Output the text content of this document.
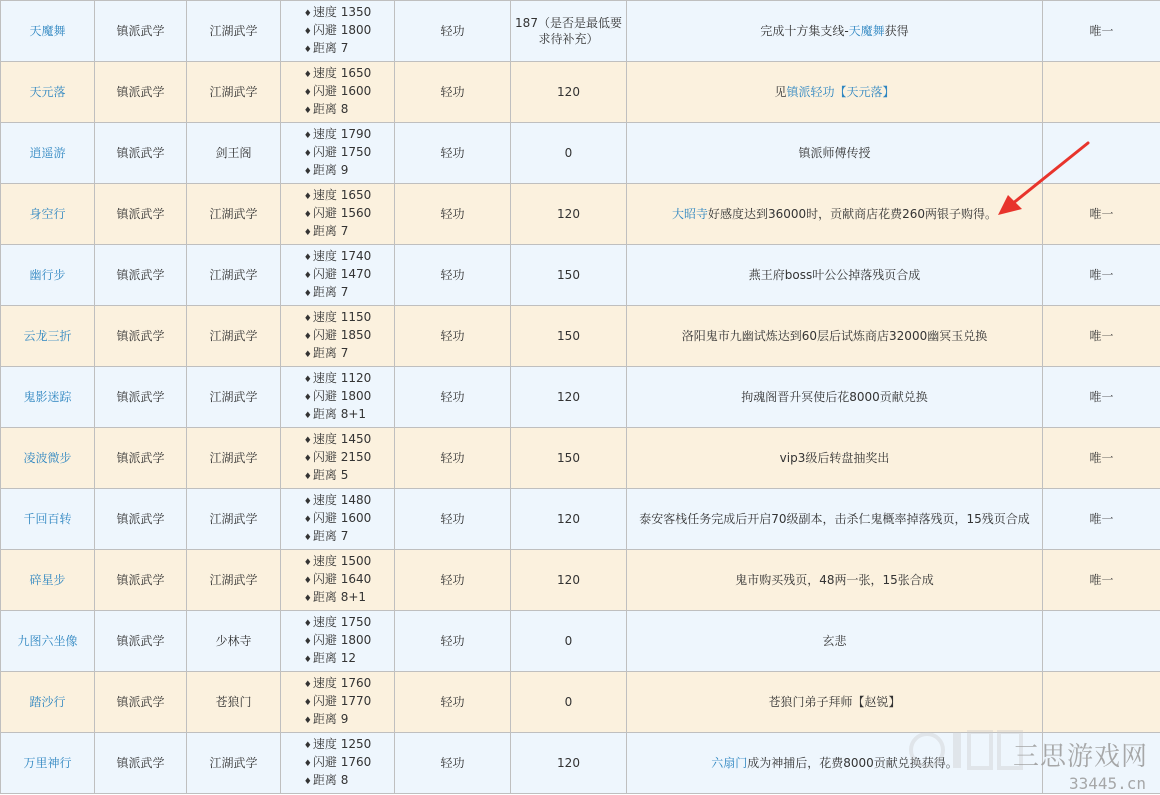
天魔舞	镇派武学	江湖武学	♦速度 1350
♦闪避 1800
♦距离 7	轻功	187（是否是最低要求待补充）	完成十方集支线-天魔舞获得	唯一
天元落	镇派武学	江湖武学	♦速度 1650
♦闪避 1600
♦距离 8	轻功	120	见镇派轻功【天元落】	
逍遥游	镇派武学	剑王阁	♦速度 1790
♦闪避 1750
♦距离 9	轻功	0	镇派师傅传授	
身空行	镇派武学	江湖武学	♦速度 1650
♦闪避 1560
♦距离 7	轻功	120	大昭寺好感度达到36000时，贡献商店花费260两银子购得。	唯一
幽行步	镇派武学	江湖武学	♦速度 1740
♦闪避 1470
♦距离 7	轻功	150	燕王府boss叶公公掉落残页合成	唯一
云龙三折	镇派武学	江湖武学	♦速度 1150
♦闪避 1850
♦距离 7	轻功	150	洛阳鬼市九幽试炼达到60层后试炼商店32000幽冥玉兑换	唯一
鬼影迷踪	镇派武学	江湖武学	♦速度 1120
♦闪避 1800
♦距离 8+1	轻功	120	拘魂阁晋升冥使后花8000贡献兑换	唯一
凌波微步	镇派武学	江湖武学	♦速度 1450
♦闪避 2150
♦距离 5	轻功	150	vip3级后转盘抽奖出	唯一
千回百转	镇派武学	江湖武学	♦速度 1480
♦闪避 1600
♦距离 7	轻功	120	泰安客栈任务完成后开启70级副本，击杀仁鬼概率掉落残页，15残页合成	唯一
碎星步	镇派武学	江湖武学	♦速度 1500
♦闪避 1640
♦距离 8+1	轻功	120	鬼市购买残页，48两一张，15张合成	唯一
九图六坐像	镇派武学	少林寺	♦速度 1750
♦闪避 1800
♦距离 12	轻功	0	玄悲	
踏沙行	镇派武学	苍狼门	♦速度 1760
♦闪避 1770
♦距离 9	轻功	0	苍狼门弟子拜师【赵锐】	
万里神行	镇派武学	江湖武学	♦速度 1250
♦闪避 1760
♦距离 8	轻功	120	六扇门成为神捕后，花费8000贡献兑换获得。	三思游戏网
33445.cn
